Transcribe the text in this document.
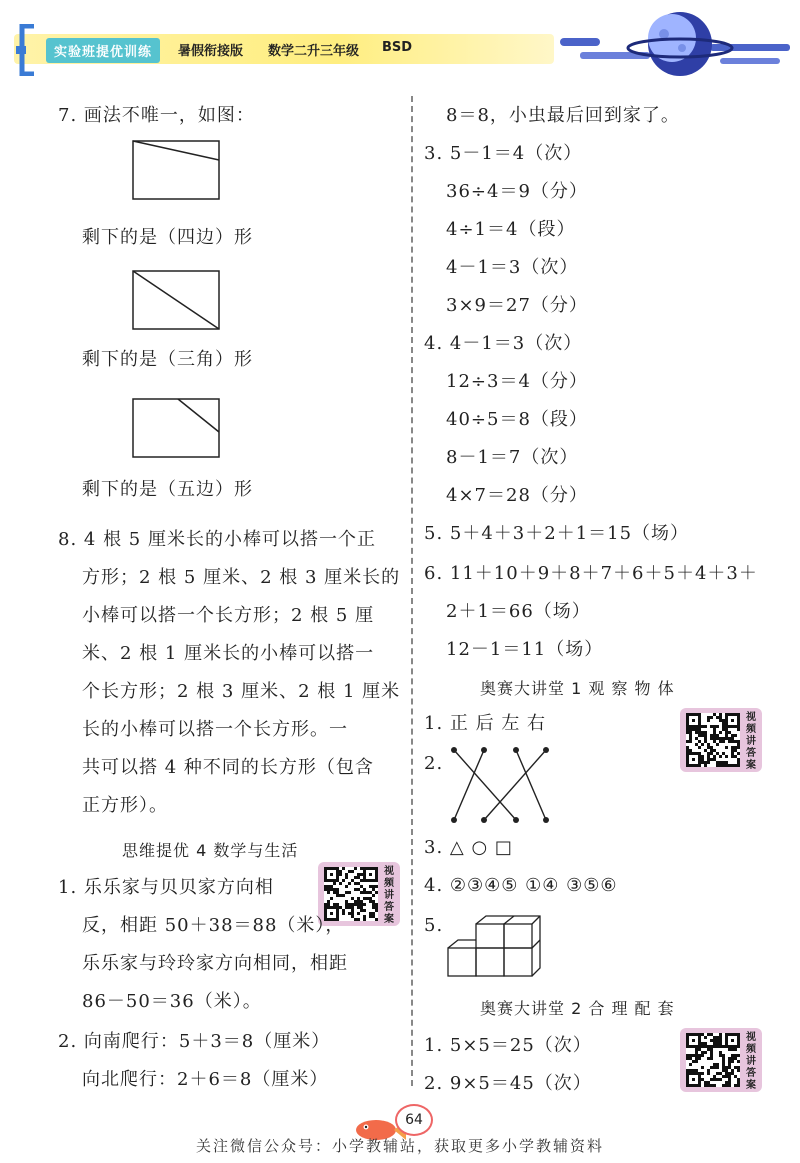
实验班提优训练	暑假衔接版 数学二升三年级 BSD
7. 画法不唯一，如图：
剩下的是（四边）形
剩下的是（三角）形
剩下的是（五边）形
8. 4 根 5 厘米长的小棒可以搭一个正
方形；2 根 5 厘米、2 根 3 厘米长的
小棒可以搭一个长方形；2 根 5 厘
米、2 根 1 厘米长的小棒可以搭一
个长方形；2 根 3 厘米、2 根 1 厘米
长的小棒可以搭一个长方形。一
共可以搭 4 种不同的长方形（包含
正方形）。
思维提优 4 数学与生活
1. 乐乐家与贝贝家方向相
视频讲答案
反，相距 50＋38＝88（米），
乐乐家与玲玲家方向相同，相距
86－50＝36（米）。
2. 向南爬行：5＋3＝8（厘米）
向北爬行：2＋6＝8（厘米）
8＝8，小虫最后回到家了。
3. 5－1＝4（次）
36÷4＝9（分）
4÷1＝4（段）
4－1＝3（次）
3×9＝27（分）
4. 4－1＝3（次）
12÷3＝4（分）
40÷5＝8（段）
8－1＝7（次）
4×7＝28（分）
5. 5＋4＋3＋2＋1＝15（场）
6. 11＋10＋9＋8＋7＋6＋5＋4＋3＋
2＋1＝66（场）
12－1＝11（场）
奥赛大讲堂 1 观 察 物 体
1. 正 后 左 右	视频讲答案
2.
3. △ ○ □
4. ②③④⑤ ①④ ③⑤⑥
5.
奥赛大讲堂 2 合 理 配 套
1. 5×5＝25（次）	视频讲答案
2. 9×5＝45（次）
64
关注微信公众号：小学教辅站，获取更多小学教辅资料
